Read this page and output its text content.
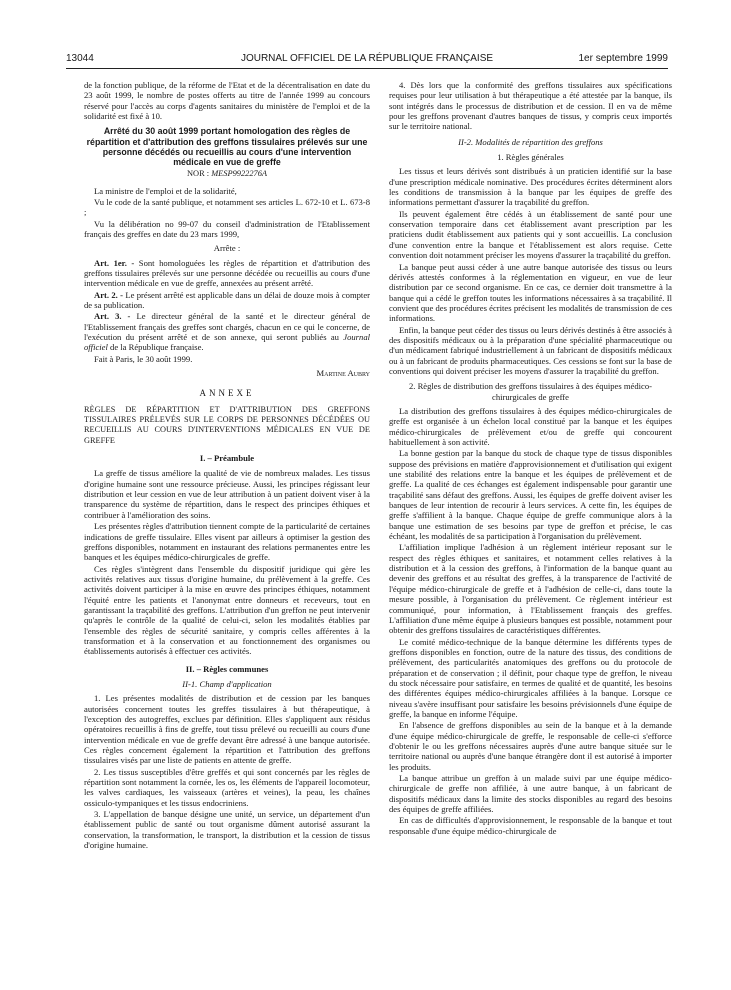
13044	JOURNAL OFFICIEL DE LA RÉPUBLIQUE FRANÇAISE	1er septembre 1999

de la fonction publique, de la réforme de l'Etat et de la décentralisation en date du 23 août 1999, le nombre de postes offerts au titre de l'année 1999 au concours réservé pour l'accès au corps d'agents sanitaires du ministère de l'emploi et de la solidarité est fixé à 10.

Arrêté du 30 août 1999 portant homologation des règles de répartition et d'attribution des greffons tissulaires prélevés sur une personne décédés ou recueillis au cours d'une intervention médicale en vue de greffe
NOR : MESP9922276A

La ministre de l'emploi et de la solidarité,

Vu le code de la santé publique, et notamment ses articles L. 672-10 et L. 673-8 ;

Vu la délibération no 99-07 du conseil d'administration de l'Etablissement français des greffes en date du 23 mars 1999,

Arrête :

Art. 1er. - Sont homologuées les règles de répartition et d'attribution des greffons tissulaires prélevés sur une personne décédée ou recueillis au cours d'une intervention médicale en vue de greffe, annexées au présent arrêté.

Art. 2. - Le présent arrêté est applicable dans un délai de douze mois à compter de sa publication.

Art. 3. - Le directeur général de la santé et le directeur général de l'Etablissement français des greffes sont chargés, chacun en ce qui le concerne, de l'exécution du présent arrêté et de son annexe, qui seront publiés au Journal officiel de la République française.

Fait à Paris, le 30 août 1999.

Martine Aubry
ANNEXE
RÈGLES DE RÉPARTITION ET D'ATTRIBUTION DES GREFFONS TISSULAIRES PRÉLEVÉS SUR LE CORPS DE PERSONNES DÉCÉDÉES OU RECUEILLIS AU COURS D'INTERVENTIONS MÉDICALES EN VUE DE GREFFE
I. – Préambule

La greffe de tissus améliore la qualité de vie de nombreux malades. Les tissus d'origine humaine sont une ressource précieuse. Aussi, les principes régissant leur distribution et leur cession en vue de leur attribution à un patient doivent viser à la transparence du système de répartition, dans le respect des principes éthiques et contribuer à l'amélioration des soins.

Les présentes règles d'attribution tiennent compte de la particularité de certaines indications de greffe tissulaire. Elles visent par ailleurs à optimiser la gestion des greffons disponibles, notamment en instaurant des relations permanentes entre les banques et les équipes médico-chirurgicales de greffe.

Ces règles s'intègrent dans l'ensemble du dispositif juridique qui gère les activités relatives aux tissus d'origine humaine, du prélèvement à la greffe. Ces activités doivent participer à la mise en œuvre des principes éthiques, notamment l'équité entre les patients et l'anonymat entre donneurs et receveurs, tout en garantissant la traçabilité des greffons. L'attribution d'un greffon ne peut intervenir qu'après le contrôle de la qualité de celui-ci, selon les modalités établies par l'ensemble des règles de sécurité sanitaire, y compris celles afférentes à la transformation et à la conservation et au fonctionnement des organismes ou établissements autorisés à effectuer ces activités.

II. – Règles communes
II-1. Champ d'application

1. Les présentes modalités de distribution et de cession par les banques autorisées concernent toutes les greffes tissulaires à but thérapeutique, à l'exception des autogreffes, exclues par définition. Elles s'appliquent aux résidus opératoires recueillis à fins de greffe, tout tissu prélevé ou recueilli au cours d'une intervention médicale en vue de greffe devant être adressé à une banque autorisée. Ces règles concernent également la répartition et l'attribution des greffons tissulaires visés par une liste de patients en attente de greffe.

2. Les tissus susceptibles d'être greffés et qui sont concernés par les règles de répartition sont notamment la cornée, les os, les éléments de l'appareil locomoteur, les valves cardiaques, les vaisseaux (artères et veines), la peau, les chaînes ossiculo-tympaniques et les tissus endocriniens.

3. L'appellation de banque désigne une unité, un service, un département d'un établissement public de santé ou tout organisme dûment autorisé assurant la conservation, la transformation, le transport, la distribution et la cession de tissus d'origine humaine.

4. Dès lors que la conformité des greffons tissulaires aux spécifications requises pour leur utilisation à but thérapeutique a été attestée par la banque, ils sont intégrés dans le processus de distribution et de cession. Il en va de même pour les greffons provenant d'autres banques de tissus, y compris ceux importés sur le territoire national.

II-2. Modalités de répartition des greffons
1. Règles générales

Les tissus et leurs dérivés sont distribués à un praticien identifié sur la base d'une prescription médicale nominative. Des procédures écrites déterminent alors les conditions de transmission à la banque par les équipes de greffe des informations permettant d'assurer la traçabilité du greffon.

Ils peuvent également être cédés à un établissement de santé pour une conservation temporaire dans cet établissement avant prescription par les praticiens dudit établissement aux patients qui y sont accueillis. La conclusion d'une convention entre la banque et l'établissement est alors requise. Cette convention doit notamment préciser les moyens d'assurer la traçabilité du greffon.

La banque peut aussi céder à une autre banque autorisée des tissus ou leurs dérivés attestés conformes à la réglementation en vigueur, en vue de leur distribution par ce second organisme. En ce cas, ce dernier doit transmettre à la banque qui a cédé le greffon toutes les informations nécessaires à sa traçabilité. Il convient que des procédures écrites précisent les modalités de transmission de ces informations.

Enfin, la banque peut céder des tissus ou leurs dérivés destinés à être associés à des dispositifs médicaux ou à la préparation d'une spécialité pharmaceutique ou d'un médicament fabriqué industriellement à un fabricant de dispositifs médicaux ou à un fabricant de produits pharmaceutiques. Ces cessions se font sur la base de conventions qui doivent préciser les moyens d'assurer la traçabilité du greffon.

2. Règles de distribution des greffons tissulaires à des équipes médico-chirurgicales de greffe

La distribution des greffons tissulaires à des équipes médico-chirurgicales de greffe est organisée à un échelon local constitué par la banque et les équipes médico-chirurgicales de prélèvement et/ou de greffe qui concourent habituellement à son activité.

La bonne gestion par la banque du stock de chaque type de tissus disponibles suppose des prévisions en matière d'approvisionnement et d'utilisation qui exigent une stabilité des relations entre la banque et les équipes de prélèvement et de greffe. La qualité de ces échanges est également indispensable pour garantir une traçabilité sans défaut des greffons. Aussi, les équipes de greffe doivent aviser les banques de leur intention de recourir à leurs services. A cette fin, les équipes de greffe s'affilient à la banque. Chaque équipe de greffe communique alors à la banque une estimation de ses besoins par type de greffon et précise, le cas échéant, les modalités de sa participation à l'organisation du prélèvement.

L'affiliation implique l'adhésion à un règlement intérieur reposant sur le respect des règles éthiques et sanitaires, et notamment celles relatives à la distribution et à la cession des greffons, à l'information de la banque quant au devenir des greffons et au résultat des greffes, à la transparence de l'activité de l'équipe médico-chirurgicale de greffe et à l'adhésion de celle-ci, dans toute la mesure possible, à l'organisation du prélèvement. Ce règlement intérieur est communiqué, pour information, à l'Etablissement français des greffes. L'affiliation d'une même équipe à plusieurs banques est possible, notamment pour obtenir des greffons tissulaires de caractéristiques différentes.

Le comité médico-technique de la banque détermine les différents types de greffons disponibles en fonction, outre de la nature des tissus, des conditions de prélèvement, des particularités anatomiques des greffons ou du protocole de préparation et de conservation ; il définit, pour chaque type de greffon, le niveau du stock nécessaire pour satisfaire, en termes de qualité et de quantité, les besoins des différentes équipes médico-chirurgicales affiliées à la banque. Lorsque ce niveau s'avère insuffisant pour satisfaire les besoins prévisionnels d'une équipe de greffe, la banque en informe l'équipe.

En l'absence de greffons disponibles au sein de la banque et à la demande d'une équipe médico-chirurgicale de greffe, le responsable de celle-ci s'efforce d'obtenir le ou les greffons nécessaires auprès d'une autre banque située sur le territoire national ou auprès d'une banque étrangère dont il est autorisé à importer les produits.

La banque attribue un greffon à un malade suivi par une équipe médico-chirurgicale de greffe non affiliée, à une autre banque, à un fabricant de dispositifs médicaux dans la limite des stocks disponibles au regard des besoins des équipes de greffe affiliées.

En cas de difficultés d'approvisionnement, le responsable de la banque et tout responsable d'une équipe médico-chirurgicale de
